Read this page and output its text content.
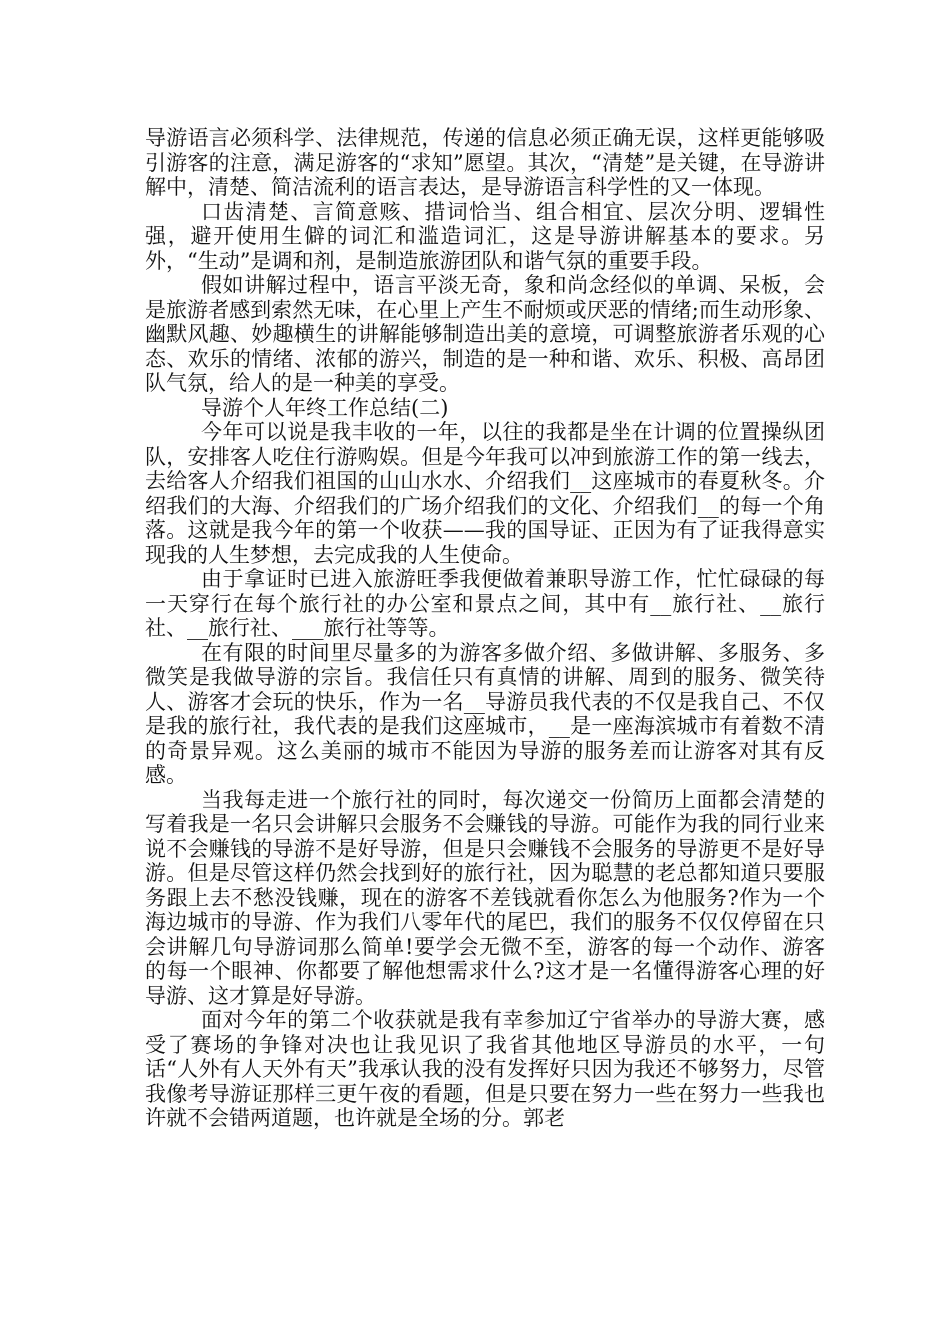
导游语言必须科学、法律规范，传递的信息必须正确无误，这样更能够吸引游客的注意，满足游客的“求知”愿望。其次，“清楚”是关键，在导游讲解中，清楚、简洁流利的语言表达，是导游语言科学性的又一体现。

口齿清楚、言简意赅、措词恰当、组合相宜、层次分明、逻辑性强，避开使用生僻的词汇和滥造词汇，这是导游讲解基本的要求。另外，“生动”是调和剂，是制造旅游团队和谐气氛的重要手段。

假如讲解过程中，语言平淡无奇，象和尚念经似的单调、呆板，会是旅游者感到索然无味，在心里上产生不耐烦或厌恶的情绪;而生动形象、幽默风趣、妙趣横生的讲解能够制造出美的意境，可调整旅游者乐观的心态、欢乐的情绪、浓郁的游兴，制造的是一种和谐、欢乐、积极、高昂团队气氛，给人的是一种美的享受。

导游个人年终工作总结(二)

今年可以说是我丰收的一年，以往的我都是坐在计调的位置操纵团队，安排客人吃住行游购娱。但是今年我可以冲到旅游工作的第一线去，去给客人介绍我们祖国的山山水水、介绍我们__这座城市的春夏秋冬。介绍我们的大海、介绍我们的广场介绍我们的文化、介绍我们__的每一个角落。这就是我今年的第一个收获——我的国导证、正因为有了证我得意实现我的人生梦想，去完成我的人生使命。

由于拿证时已进入旅游旺季我便做着兼职导游工作，忙忙碌碌的每一天穿行在每个旅行社的办公室和景点之间，其中有__旅行社、__旅行社、__旅行社、___旅行社等等。

在有限的时间里尽量多的为游客多做介绍、多做讲解、多服务、多微笑是我做导游的宗旨。我信任只有真情的讲解、周到的服务、微笑待人、游客才会玩的快乐，作为一名__导游员我代表的不仅是我自己、不仅是我的旅行社，我代表的是我们这座城市，__是一座海滨城市有着数不清的奇景异观。这么美丽的城市不能因为导游的服务差而让游客对其有反感。

当我每走进一个旅行社的同时，每次递交一份简历上面都会清楚的写着我是一名只会讲解只会服务不会赚钱的导游。可能作为我的同行业来说不会赚钱的导游不是好导游，但是只会赚钱不会服务的导游更不是好导游。但是尽管这样仍然会找到好的旅行社，因为聪慧的老总都知道只要服务跟上去不愁没钱赚，现在的游客不差钱就看你怎么为他服务?作为一个海边城市的导游、作为我们八零年代的尾巴，我们的服务不仅仅停留在只会讲解几句导游词那么简单!要学会无微不至，游客的每一个动作、游客的每一个眼神、你都要了解他想需求什么?这才是一名懂得游客心理的好导游、这才算是好导游。

面对今年的第二个收获就是我有幸参加辽宁省举办的导游大赛，感受了赛场的争锋对决也让我见识了我省其他地区导游员的水平，一句话“人外有人天外有天”我承认我的没有发挥好只因为我还不够努力，尽管我像考导游证那样三更午夜的看题，但是只要在努力一些在努力一些我也许就不会错两道题，也许就是全场的分。郭老
